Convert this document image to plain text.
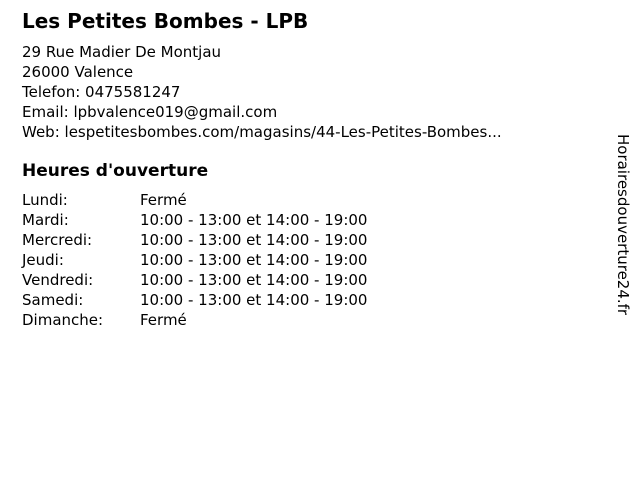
Les Petites Bombes - LPB
29 Rue Madier De Montjau
26000 Valence
Telefon: 0475581247
Email: lpbvalence019@gmail.com
Web: lespetitesbombes.com/magasins/44-Les-Petites-Bombes...
Heures d'ouverture
Lundi:	Fermé
Mardi:	10:00 - 13:00 et 14:00 - 19:00
Mercredi:	10:00 - 13:00 et 14:00 - 19:00
Jeudi:	10:00 - 13:00 et 14:00 - 19:00
Vendredi:	10:00 - 13:00 et 14:00 - 19:00
Samedi:	10:00 - 13:00 et 14:00 - 19:00
Dimanche:	Fermé
Horairesdouverture24.fr
